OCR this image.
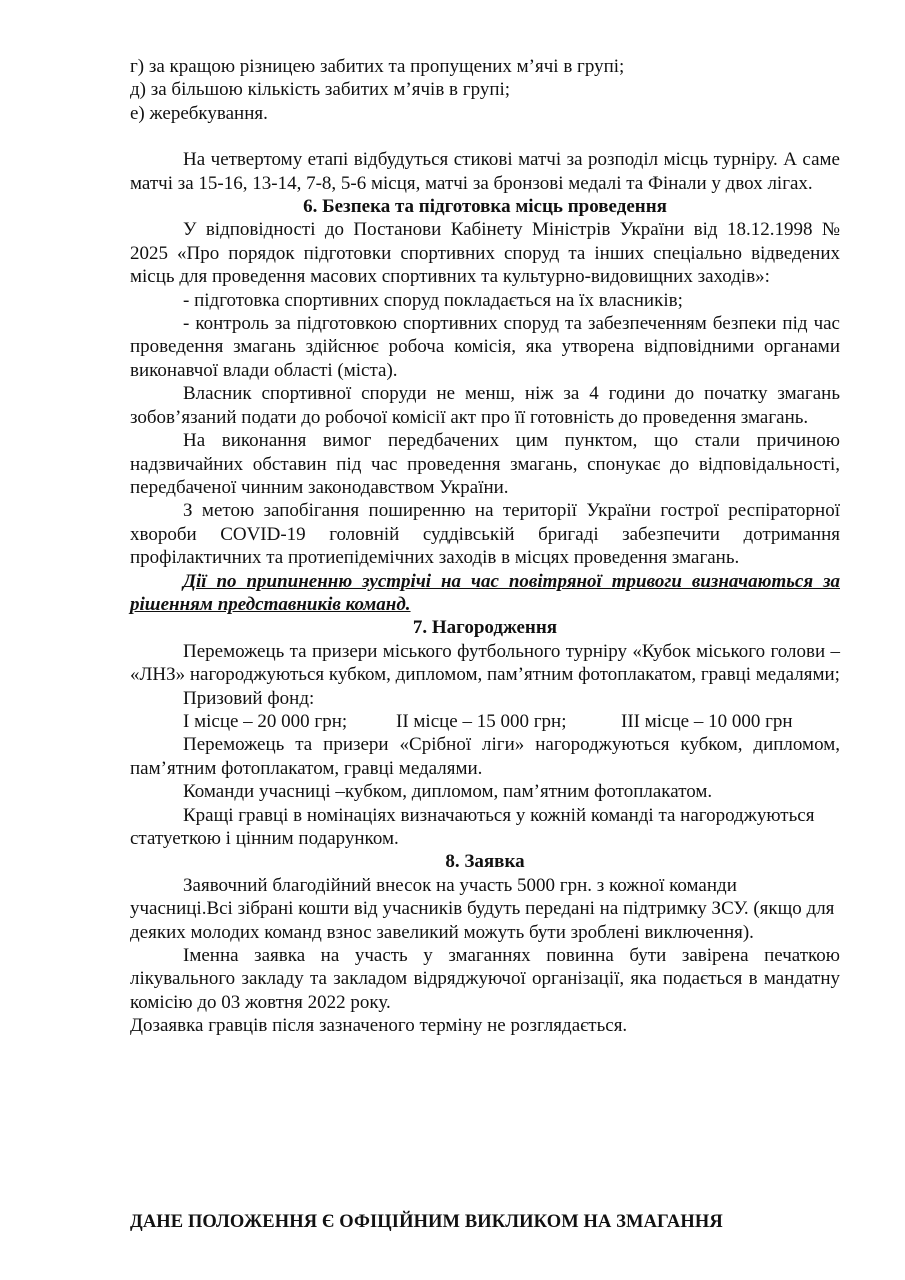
г) за кращою різницею забитих та пропущених м’ячі в групі;

д) за більшою кількість забитих м’ячів в групі;

е) жеребкування.

На четвертому етапі відбудуться стикові матчі за розподіл місць турніру. А саме матчі за 15-16, 13-14, 7-8, 5-6 місця, матчі за бронзові медалі та Фінали у двох лігах.

6. Безпека та підготовка місць проведення

У відповідності до Постанови Кабінету Міністрів України від 18.12.1998 № 2025 «Про порядок підготовки спортивних споруд та інших спеціально відведених місць для проведення масових спортивних та культурно-видовищних заходів»:

- підготовка спортивних споруд покладається на їх власників;

- контроль за підготовкою спортивних споруд та забезпеченням безпеки під час проведення змагань здійснює робоча комісія, яка утворена відповідними органами виконавчої влади області (міста).

Власник спортивної споруди не менш, ніж за 4 години до початку змагань зобов’язаний подати до робочої комісії акт про її готовність до проведення змагань.

На виконання вимог передбачених цим пунктом, що стали причиною надзвичайних обставин під час проведення змагань, спонукає до відповідальності, передбаченої чинним законодавством України.

З метою запобігання поширенню на території України гострої респіраторної хвороби COVID-19 головній суддівській бригаді забезпечити дотримання профілактичних та протиепідемічних заходів в місцях проведення змагань.

Дії по припиненню зустрічі на час повітряної тривоги визначаються за рішенням представників команд.

7. Нагородження

Переможець та призери міського футбольного турніру «Кубок міського голови – «ЛНЗ» нагороджуються кубком, дипломом, пам’ятним фотоплакатом, гравці медалями;

Призовий фонд:

І місце – 20 000 грн;	ІІ місце – 15 000 грн;	ІІІ місце – 10 000 грн

Переможець та призери «Срібної ліги» нагороджуються кубком, дипломом, пам’ятним фотоплакатом, гравці медалями.

Команди учасниці –кубком, дипломом, пам’ятним фотоплакатом.

Кращі гравці в номінаціях визначаються у кожній команді та нагороджуються статуеткою і цінним подарунком.

8. Заявка

Заявочний благодійний внесок на участь 5000 грн. з кожної команди учасниці.Всі зібрані кошти від учасників будуть передані на підтримку ЗСУ. (якщо для деяких молодих команд взнос завеликий можуть бути зроблені виключення).

Іменна заявка на участь у змаганнях повинна бути завірена печаткою лікувального закладу та закладом відряджуючої організації, яка подається в мандатну комісію до 03 жовтня 2022 року.

Дозаявка гравців після зазначеного терміну не розглядається.

ДАНЕ ПОЛОЖЕННЯ Є ОФІЦІЙНИМ ВИКЛИКОМ НА ЗМАГАННЯ
